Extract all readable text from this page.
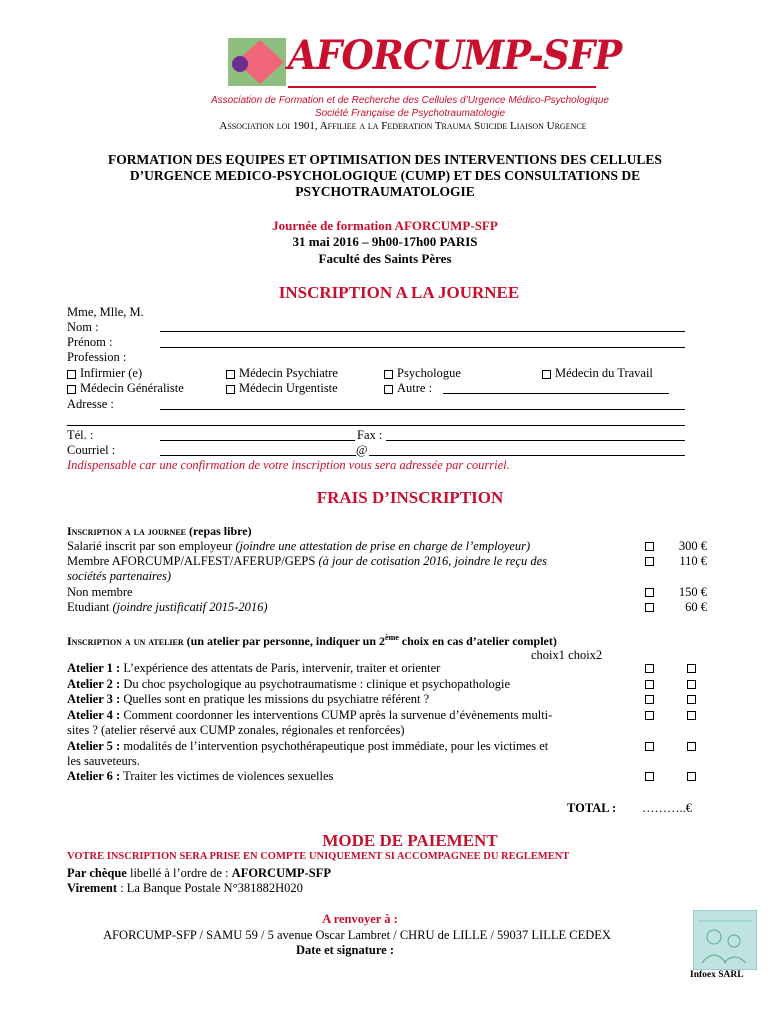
AFORCUMP-SFP
Association de Formation et de Recherche des Cellules d’Urgence Médico-Psychologique
Société Française de Psychotraumatologie
Association loi 1901, Affiliee a la Federation Trauma Suicide Liaison Urgence
FORMATION DES EQUIPES ET OPTIMISATION DES INTERVENTIONS DES CELLULES
D’URGENCE MEDICO-PSYCHOLOGIQUE (CUMP) ET DES CONSULTATIONS DE
PSYCHOTRAUMATOLOGIE
Journée de formation AFORCUMP-SFP
31 mai 2016 – 9h00-17h00 PARIS
Faculté des Saints Pères
INSCRIPTION A LA JOURNEE
Mme, Mlle, M.
Nom :
Prénom :
Profession :
Infirmier (e)	Médecin Psychiatre	Psychologue	Médecin du Travail
Médecin Généraliste	Médecin Urgentiste	Autre :
Adresse :
Tél. :	Fax :
Courriel :	@
Indispensable car une confirmation de votre inscription vous sera adressée par courriel.
FRAIS D’INSCRIPTION
Inscription a la journee (repas libre)
Salarié inscrit par son employeur (joindre une attestation de prise en charge de l’employeur)	300 €
Membre AFORCUMP/ALFEST/AFERUP/GEPS (à jour de cotisation 2016, joindre le reçu des
sociétés partenaires)
110 €
Non membre	150 €
Etudiant (joindre justificatif 2015-2016)	60 €
Inscription a un atelier (un atelier par personne, indiquer un 2ème choix en cas d’atelier complet)
choix1 choix2
Atelier 1 : L’expérience des attentats de Paris, intervenir, traiter et orienter
Atelier 2 : Du choc psychologique au psychotraumatisme : clinique et psychopathologie
Atelier 3 : Quelles sont en pratique les missions du psychiatre référent ?
Atelier 4 : Comment coordonner les interventions CUMP après la survenue d’évènements multi-
sites ? (atelier réservé aux CUMP zonales, régionales et renforcées)
Atelier 5 : modalités de l’intervention psychothérapeutique post immédiate, pour les victimes et
les sauveteurs.
Atelier 6 : Traiter les victimes de violences sexuelles
TOTAL : ………..€
MODE DE PAIEMENT
VOTRE INSCRIPTION SERA PRISE EN COMPTE UNIQUEMENT SI ACCOMPAGNEE DU REGLEMENT
Par chèque libellé à l’ordre de : AFORCUMP-SFP
Virement : La Banque Postale N°381882H020
A renvoyer à :
AFORCUMP-SFP / SAMU 59 / 5 avenue Oscar Lambret / CHRU de LILLE / 59037 LILLE CEDEX
Date et signature :
Infoex SARL
